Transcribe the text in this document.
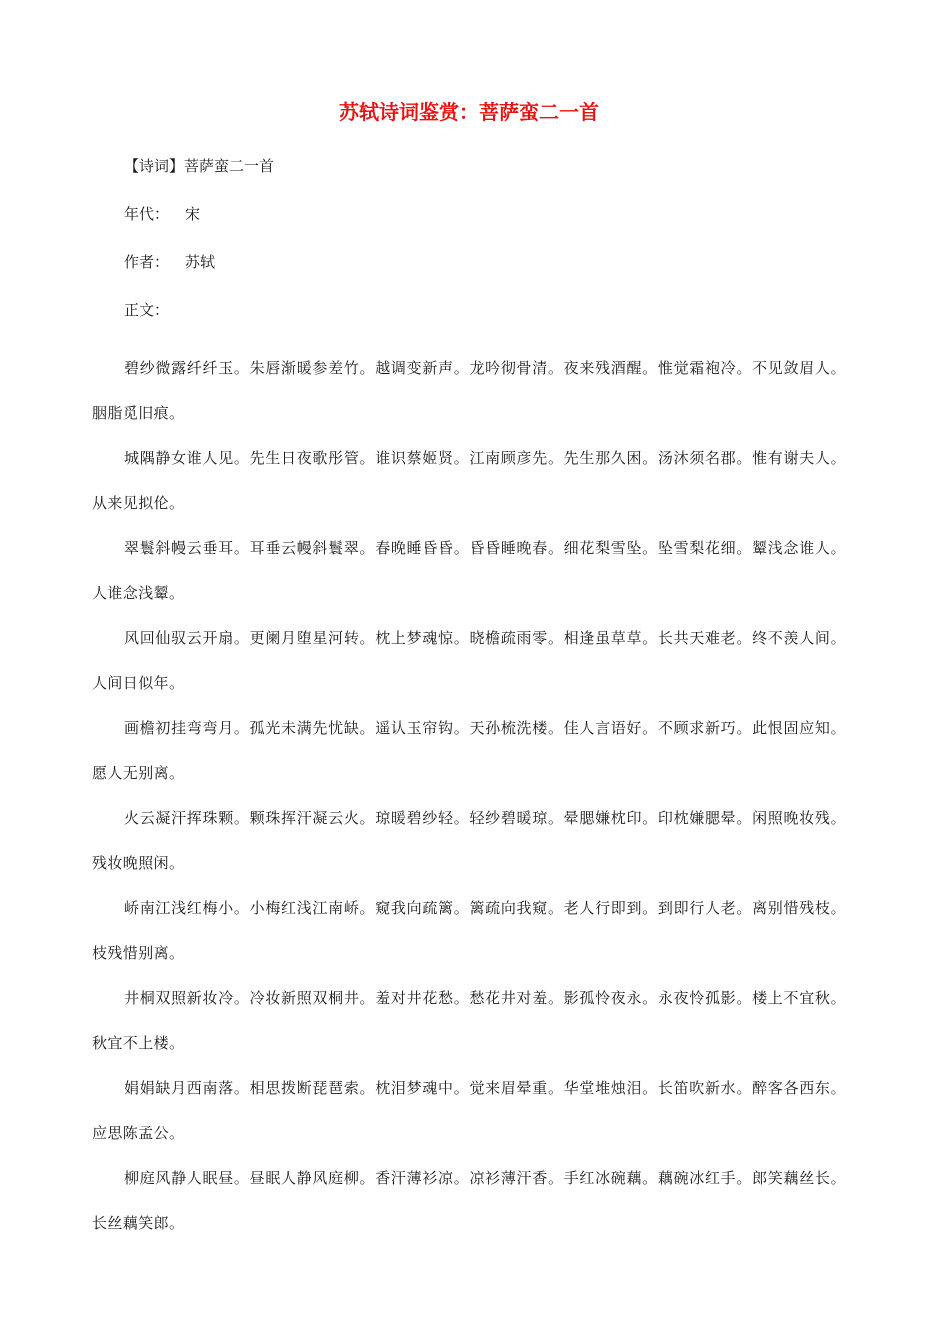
苏轼诗词鉴赏：菩萨蛮二一首

【诗词】菩萨蛮二一首

年代： 宋

作者： 苏轼

正文：

碧纱微露纤纤玉。朱唇渐暖参差竹。越调变新声。龙吟彻骨清。夜来残酒醒。惟觉霜袍冷。不见敛眉人。胭脂觅旧痕。

城隅静女谁人见。先生日夜歌彤管。谁识蔡姬贤。江南顾彦先。先生那久困。汤沐须名郡。惟有谢夫人。从来见拟伦。

翠鬟斜幔云垂耳。耳垂云幔斜鬟翠。春晚睡昏昏。昏昏睡晚春。细花梨雪坠。坠雪梨花细。颦浅念谁人。人谁念浅颦。

风回仙驭云开扇。更阑月堕星河转。枕上梦魂惊。晓檐疏雨零。相逢虽草草。长共天难老。终不羡人间。人间日似年。

画檐初挂弯弯月。孤光未满先忧缺。遥认玉帘钩。天孙梳洗楼。佳人言语好。不顾求新巧。此恨固应知。愿人无别离。

火云凝汗挥珠颗。颗珠挥汗凝云火。琼暖碧纱轻。轻纱碧暖琼。晕腮嫌枕印。印枕嫌腮晕。闲照晚妆残。残妆晚照闲。

峤南江浅红梅小。小梅红浅江南峤。窥我向疏篱。篱疏向我窥。老人行即到。到即行人老。离别惜残枝。枝残惜别离。

井桐双照新妆冷。冷妆新照双桐井。羞对井花愁。愁花井对羞。影孤怜夜永。永夜怜孤影。楼上不宜秋。秋宜不上楼。

娟娟缺月西南落。相思拨断琵琶索。枕泪梦魂中。觉来眉晕重。华堂堆烛泪。长笛吹新水。醉客各西东。应思陈孟公。

柳庭风静人眠昼。昼眠人静风庭柳。香汗薄衫凉。凉衫薄汗香。手红冰碗藕。藕碗冰红手。郎笑藕丝长。长丝藕笑郎。
